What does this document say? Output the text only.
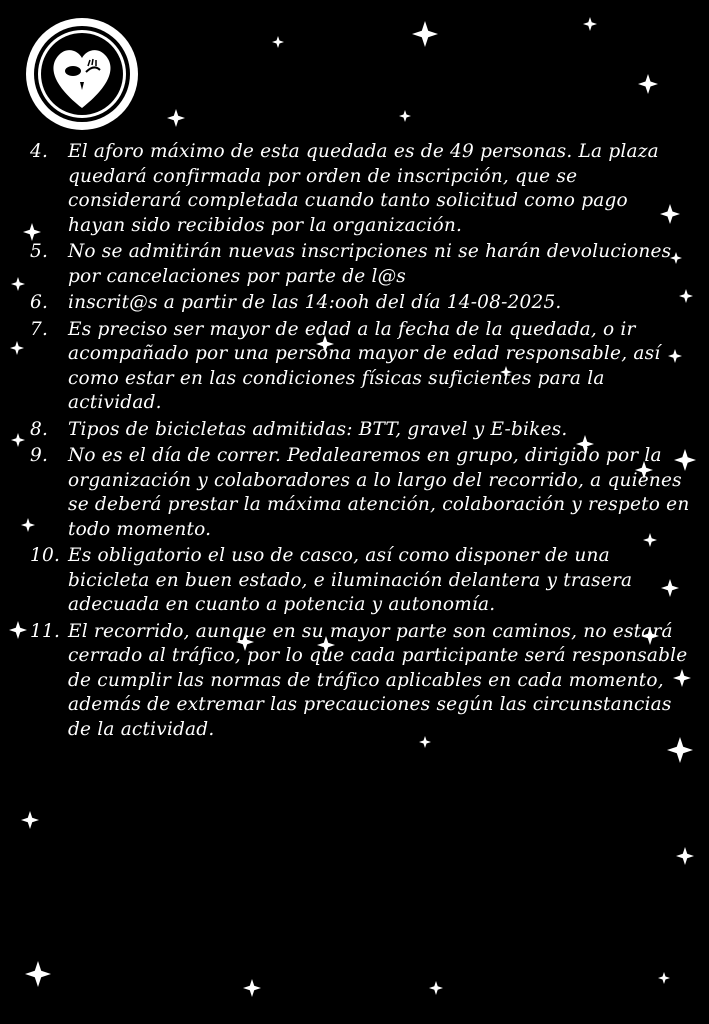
4.	El aforo máximo de esta quedada es de 49 personas. La plaza quedará confirmada por orden de inscripción, que se considerará completada cuando tanto solicitud como pago hayan sido recibidos por la organización.
5.	No se admitirán nuevas inscripciones ni se harán devoluciones por cancelaciones por parte de l@s
6.	inscrit@s a partir de las 14:ooh del día 14-08-2025.
7.	Es preciso ser mayor de edad a la fecha de la quedada, o ir acompañado por una persona mayor de edad responsable, así como estar en las condiciones físicas suficientes para la actividad.
8.	Tipos de bicicletas admitidas: BTT, gravel y E-bikes.
9.	No es el día de correr. Pedalearemos en grupo, dirigido por la organización y colaboradores a lo largo del recorrido, a quienes se deberá prestar la máxima atención, colaboración y respeto en todo momento.
10. Es obligatorio el uso de casco, así como disponer de una bicicleta en buen estado, e iluminación delantera y trasera adecuada en cuanto a potencia y autonomía.
11. El recorrido, aunque en su mayor parte son caminos, no estará cerrado al tráfico, por lo que cada participante será responsable de cumplir las normas de tráfico aplicables en cada momento, además de extremar las precauciones según las circunstancias de la actividad.
